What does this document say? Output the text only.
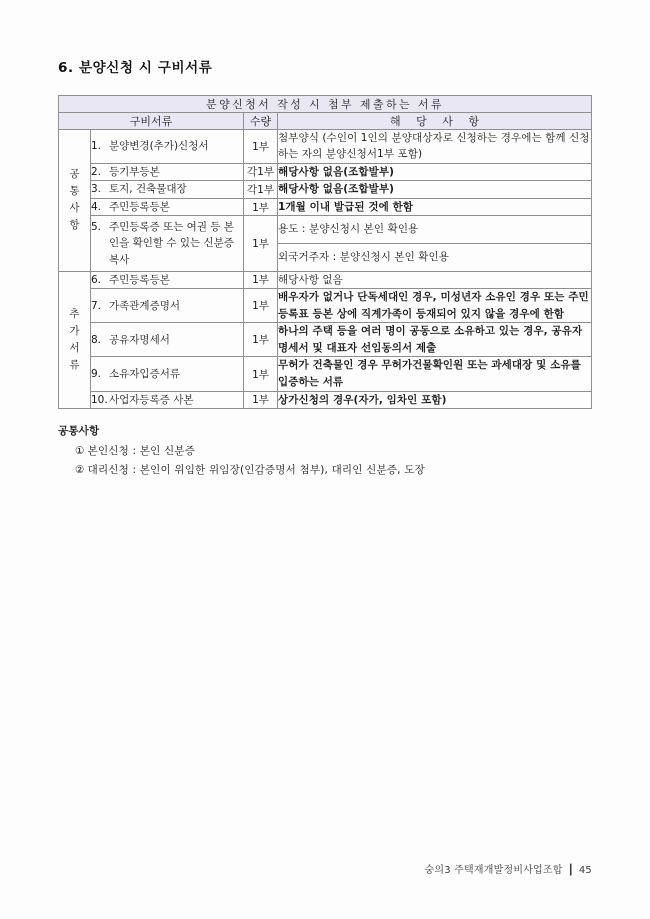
6. 분양신청 시 구비서류
분양신청서 작성 시 첨부 제출하는 서류			
구비서류		수량	해 당 사 항

공
통
사
항	1. 분양변경(추가)신청서	1부	첨부양식 (수인이 1인의 분양대상자로 신청하는 경우에는 함께 신청하는 자의 분양신청서1부 포함)

	2. 등기부등본	각1부	해당사항 없음(조합발부)

	3. 토지, 건축물대장	각1부	해당사항 없음(조합발부)

	4. 주민등록등본	1부	1개월 이내 발급된 것에 한함

	5. 주민등록증 또는 여권 등 본인을 확인할 수 있는 신분증 복사	1부	용도 : 분양신청시 본인 확인용
			외국거주자 : 분양신청시 본인 확인용

추
가
서
류	6. 주민등록등본	1부	해당사항 없음

	7. 가족관계증명서	1부	배우자가 없거나 단독세대인 경우, 미성년자 소유인 경우 또는 주민등록표 등본 상에 직계가족이 등재되어 있지 않을 경우에 한함

	8. 공유자명세서	1부	하나의 주택 등을 여러 명이 공동으로 소유하고 있는 경우, 공유자명세서 및 대표자 선임동의서 제출

	9. 소유자입증서류	1부	무허가 건축물인 경우 무허가건물확인원 또는 과세대장 및 소유를 입증하는 서류

	10. 사업자등록증 사본	1부	상가신청의 경우(자가, 임차인 포함)
공통사항
① 본인신청 : 본인 신분증
② 대리신청 : 본인이 위임한 위임장(인감증명서 첨부), 대리인 신분증, 도장
숭의3 주택재개발정비사업조합 ┃ 45
